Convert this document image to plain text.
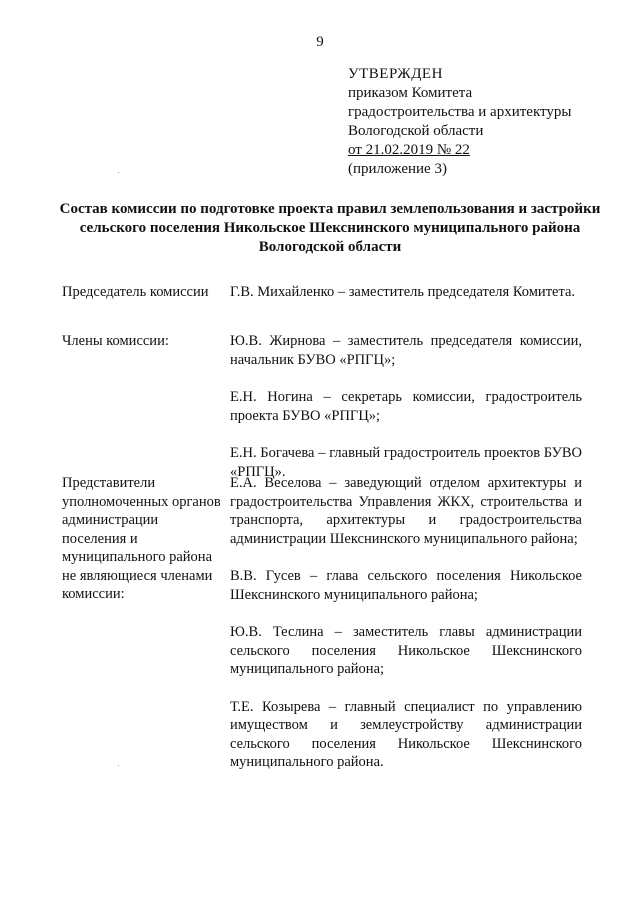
9
УТВЕРЖДЕН
приказом Комитета
градостроительства и архитектуры
Вологодской области
от 21.02.2019 № 22
(приложение 3)
Состав комиссии по подготовке проекта правил землепользования и застройки сельского поселения Никольское Шекснинского муниципального района Вологодской области
Председатель комиссии	Г.В. Михайленко – заместитель председателя Комитета.

Члены комиссии:	Ю.В. Жирнова – заместитель председателя комиссии, начальник БУВО «РПГЦ»;

Е.Н. Ногина – секретарь комиссии, градостроитель проекта БУВО «РПГЦ»;

Е.Н. Богачева – главный градостроитель проектов БУВО «РПГЦ».

Представители уполномоченных органов администрации поселения и муниципального района не являющиеся членами комиссии:

Е.А. Веселова – заведующий отделом архитектуры и градостроительства Управления ЖКХ, строительства и транспорта, архитектуры и градостроительства администрации Шекснинского муниципального района;

В.В. Гусев – глава сельского поселения Никольское Шекснинского муниципального района;

Ю.В. Теслина – заместитель главы администрации сельского поселения Никольское Шекснинского муниципального района;

Т.Е. Козырева – главный специалист по управлению имуществом и землеустройству администрации сельского поселения Никольское Шекснинского муниципального района.
